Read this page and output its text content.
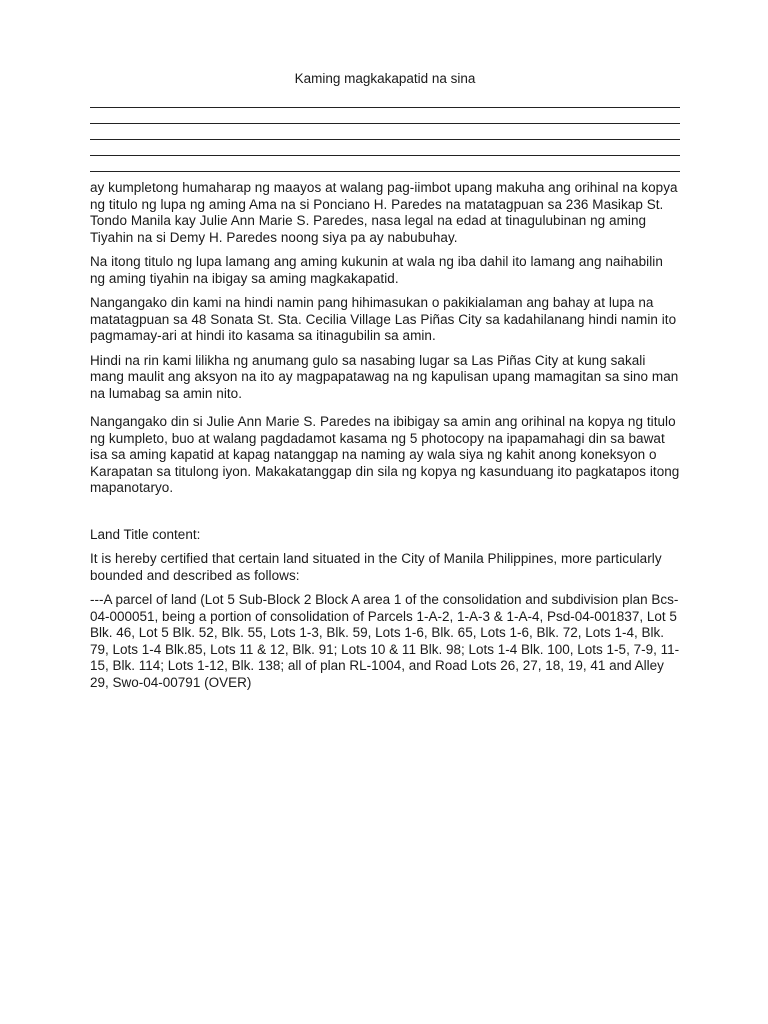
Kaming magkakapatid na sina

ay kumpletong humaharap ng maayos at walang pag-iimbot upang makuha ang orihinal na kopya ng titulo ng lupa ng aming Ama na si Ponciano H. Paredes na matatagpuan sa 236 Masikap St. Tondo Manila kay Julie Ann Marie S. Paredes, nasa legal na edad at tinagulubinan ng aming Tiyahin na si Demy H. Paredes noong siya pa ay nabubuhay.

Na itong titulo ng lupa lamang ang aming kukunin at wala ng iba dahil ito lamang ang naihabilin ng aming tiyahin na ibigay sa aming magkakapatid.

Nangangako din kami na hindi namin pang hihimasukan o pakikialaman ang bahay at lupa na matatagpuan sa 48 Sonata St. Sta. Cecilia Village Las Piñas City sa kadahilanang hindi namin ito pagmamay-ari at hindi ito kasama sa itinagubilin sa amin.

Hindi na rin kami lilikha ng anumang gulo sa nasabing lugar sa Las Piñas City at kung sakali mang maulit ang aksyon na ito ay magpapatawag na ng kapulisan upang mamagitan sa sino man na lumabag sa amin nito.

Nangangako din si Julie Ann Marie S. Paredes na ibibigay sa amin ang orihinal na kopya ng titulo ng kumpleto, buo at walang pagdadamot kasama ng 5 photocopy na ipapamahagi din sa bawat isa sa aming kapatid at kapag natanggap na naming ay wala siya ng kahit anong koneksyon o Karapatan sa titulong iyon. Makakatanggap din sila ng kopya ng kasunduang ito pagkatapos itong mapanotaryo.

Land Title content:

It is hereby certified that certain land situated in the City of Manila Philippines, more particularly bounded and described as follows:

---A parcel of land (Lot 5 Sub-Block 2 Block A area 1 of the consolidation and subdivision plan Bcs-04-000051, being a portion of consolidation of Parcels 1-A-2, 1-A-3 & 1-A-4, Psd-04-001837, Lot 5 Blk. 46, Lot 5 Blk. 52, Blk. 55, Lots 1-3, Blk. 59, Lots 1-6, Blk. 65, Lots 1-6, Blk. 72, Lots 1-4, Blk. 79, Lots 1-4 Blk.85, Lots 11 & 12, Blk. 91; Lots 10 & 11 Blk. 98; Lots 1-4 Blk. 100, Lots 1-5, 7-9, 11-15, Blk. 114; Lots 1-12, Blk. 138; all of plan RL-1004, and Road Lots 26, 27, 18, 19, 41 and Alley 29, Swo-04-00791 (OVER)
